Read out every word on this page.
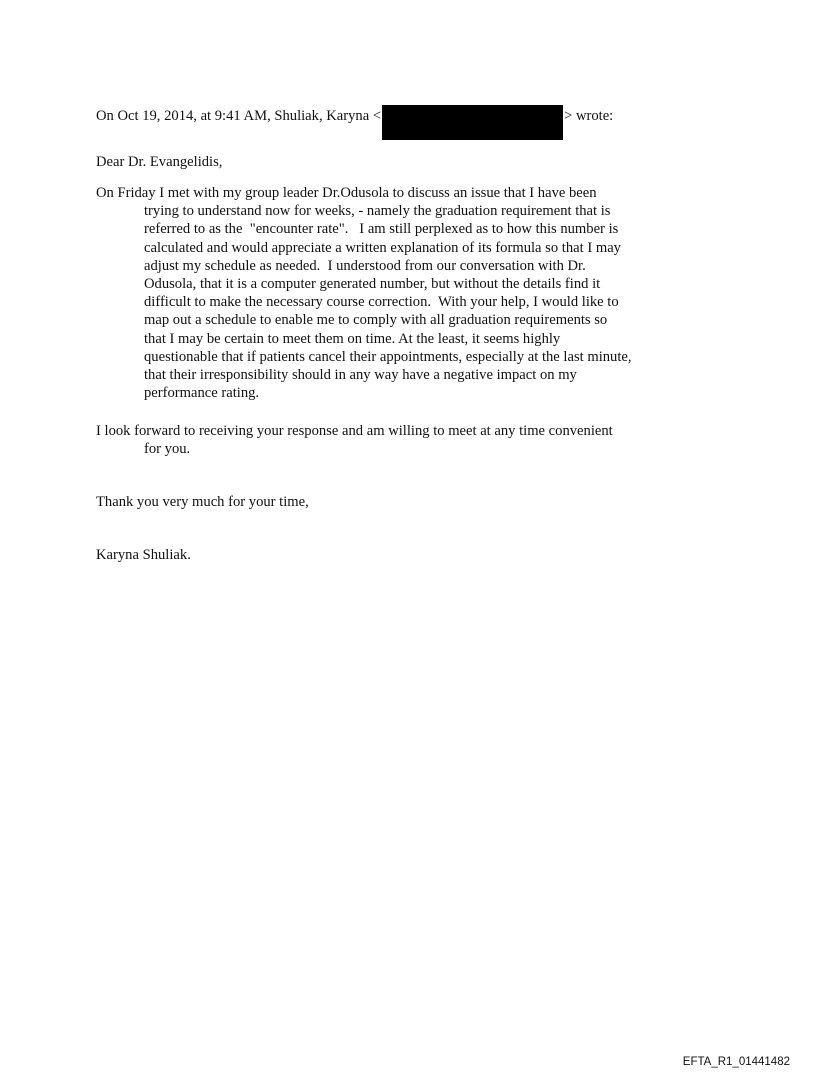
On Oct 19, 2014, at 9:41 AM, Shuliak, Karyna <	> wrote:

Dear Dr. Evangelidis,

On Friday I met with my group leader Dr.Odusola to discuss an issue that I have been
trying to understand now for weeks, - namely the graduation requirement that is
referred to as the  "encounter rate".   I am still perplexed as to how this number is
calculated and would appreciate a written explanation of its formula so that I may
adjust my schedule as needed.  I understood from our conversation with Dr.
Odusola, that it is a computer generated number, but without the details find it
difficult to make the necessary course correction.  With your help, I would like to
map out a schedule to enable me to comply with all graduation requirements so
that I may be certain to meet them on time. At the least, it seems highly
questionable that if patients cancel their appointments, especially at the last minute,
that their irresponsibility should in any way have a negative impact on my
performance rating.

I look forward to receiving your response and am willing to meet at any time convenient
for you.

Thank you very much for your time,

Karyna Shuliak.

EFTA_R1_01441482
